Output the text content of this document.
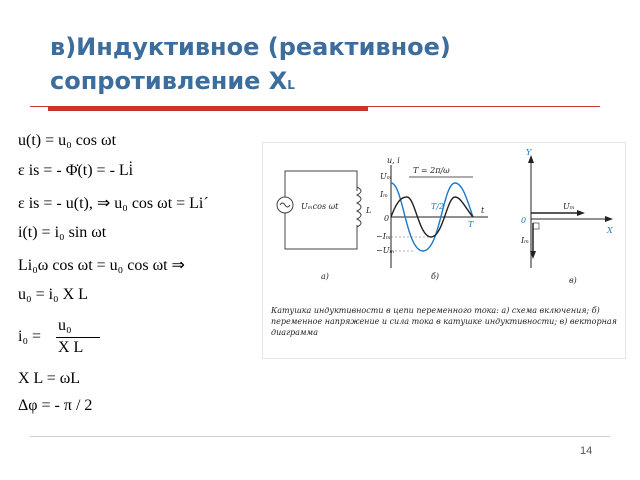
в)Индуктивное (реактивное)
сопротивление XL
u(t) = u₀ cos ωt
ε is = - Φ̇(t) = - Li̇
ε is = - u(t), ⇒ u₀ cos ωt = Li´
i(t) = i₀ sin ωt
Li₀ω cos ωt = u₀ cos ωt ⇒
u₀ = i₀ X L
i₀ =
u₀
X L
X L = ωL
Δφ = - π / 2
Uₘcos ωt	L
а)
u, i
T = 2π/ω
T/2	t
T
Uₘ
Iₘ
0
−Iₘ
−Uₘ
б)
Y
X
0
Uₘ
Iₘ
в)
Катушка индуктивности в цепи переменного тока: а) схема включения; б) переменное напряжение и сила тока в катушке индуктивности; в) векторная диаграмма
14
